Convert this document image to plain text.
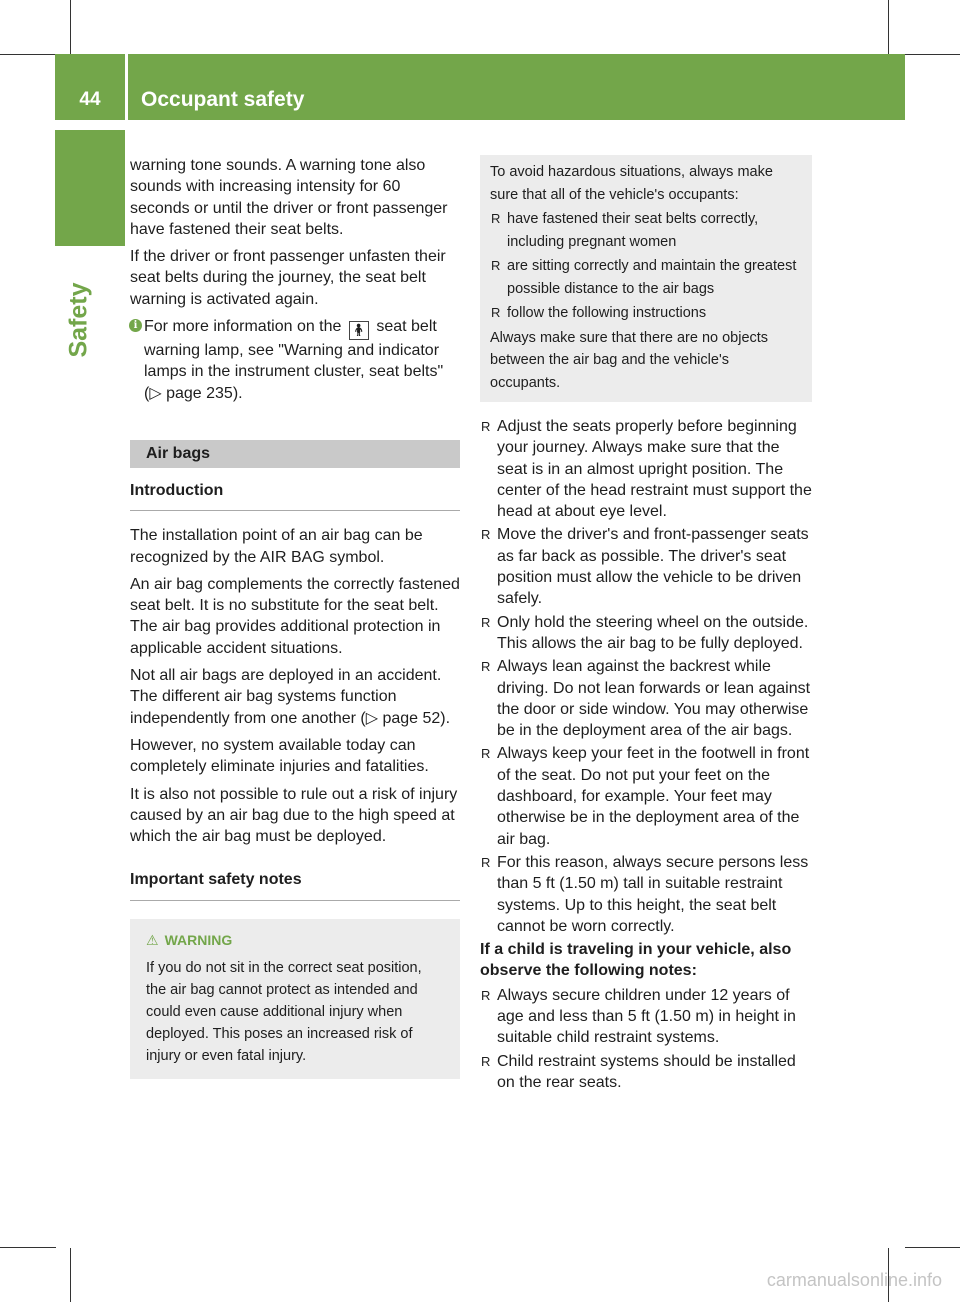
44	Occupant safety
Safety

warning tone sounds. A warning tone also sounds with increasing intensity for 60 seconds or until the driver or front passenger have fastened their seat belts.

If the driver or front passenger unfasten their seat belts during the journey, the seat belt warning is activated again.

i For more information on the 🧍︎ seat belt warning lamp, see "Warning and indicator lamps in the instrument cluster, seat belts" (▷ page 235).

Air bags
Introduction

The installation point of an air bag can be recognized by the AIR BAG symbol.

An air bag complements the correctly fastened seat belt. It is no substitute for the seat belt. The air bag provides additional protection in applicable accident situations.

Not all air bags are deployed in an accident. The different air bag systems function independently from one another (▷ page 52).

However, no system available today can completely eliminate injuries and fatalities.

It is also not possible to rule out a risk of injury caused by an air bag due to the high speed at which the air bag must be deployed.

Important safety notes
⚠︎ WARNING
If you do not sit in the correct seat position, the air bag cannot protect as intended and could even cause additional injury when deployed. This poses an increased risk of injury or even fatal injury.

To avoid hazardous situations, always make sure that all of the vehicle's occupants:

R have fastened their seat belts correctly, including pregnant women
R are sitting correctly and maintain the greatest possible distance to the air bags
R follow the following instructions

Always make sure that there are no objects between the air bag and the vehicle's occupants.

R Adjust the seats properly before beginning your journey. Always make sure that the seat is in an almost upright position. The center of the head restraint must support the head at about eye level.
R Move the driver's and front-passenger seats as far back as possible. The driver's seat position must allow the vehicle to be driven safely.
R Only hold the steering wheel on the outside. This allows the air bag to be fully deployed.
R Always lean against the backrest while driving. Do not lean forwards or lean against the door or side window. You may otherwise be in the deployment area of the air bags.
R Always keep your feet in the footwell in front of the seat. Do not put your feet on the dashboard, for example. Your feet may otherwise be in the deployment area of the air bag.
R For this reason, always secure persons less than 5 ft (1.50 m) tall in suitable restraint systems. Up to this height, the seat belt cannot be worn correctly.

If a child is traveling in your vehicle, also observe the following notes:

R Always secure children under 12 years of age and less than 5 ft (1.50 m) in height in suitable child restraint systems.
R Child restraint systems should be installed on the rear seats.
carmanualsonline.info
